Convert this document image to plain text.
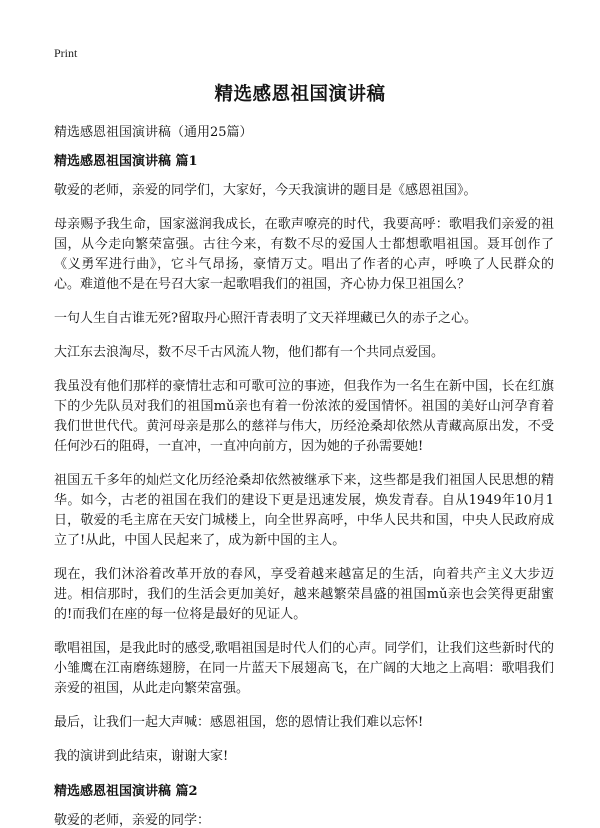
Print
精选感恩祖国演讲稿
精选感恩祖国演讲稿（通用25篇）

精选感恩祖国演讲稿 篇1

敬爱的老师，亲爱的同学们，大家好，今天我演讲的题目是《感恩祖国》。

母亲赐予我生命，国家滋润我成长，在歌声嘹亮的时代，我要高呼：歌唱我们亲爱的祖国，从今走向繁荣富强。古往今来，有数不尽的爱国人士都想歌唱祖国。聂耳创作了《义勇军进行曲》，它斗气昂扬，豪情万丈。唱出了作者的心声，呼唤了人民群众的心。难道他不是在号召大家一起歌唱我们的祖国，齐心协力保卫祖国么？

一句人生自古谁无死?留取丹心照汗青表明了文天祥埋藏已久的赤子之心。

大江东去浪淘尽，数不尽千古风流人物，他们都有一个共同点爱国。

我虽没有他们那样的豪情壮志和可歌可泣的事迹，但我作为一名生在新中国，长在红旗下的少先队员对我们的祖国mǔ亲也有着一份浓浓的爱国情怀。祖国的美好山河孕育着我们世世代代。黄河母亲是那么的慈祥与伟大，历经沧桑却依然从青藏高原出发，不受任何沙石的阻碍，一直冲，一直冲向前方，因为她的子孙需要她!

祖国五千多年的灿烂文化历经沧桑却依然被继承下来，这些都是我们祖国人民思想的精华。如今，古老的祖国在我们的建设下更是迅速发展，焕发青春。自从1949年10月1日，敬爱的毛主席在天安门城楼上，向全世界高呼，中华人民共和国，中央人民政府成立了!从此，中国人民起来了，成为新中国的主人。

现在，我们沐浴着改革开放的春风，享受着越来越富足的生活，向着共产主义大步迈进。相信那时，我们的生活会更加美好，越来越繁荣昌盛的祖国mǔ亲也会笑得更甜蜜的!而我们在座的每一位将是最好的见证人。

歌唱祖国，是我此时的感受,歌唱祖国是时代人们的心声。同学们，让我们这些新时代的小雏鹰在江南磨练翅膀，在同一片蓝天下展翅高飞，在广阔的大地之上高唱：歌唱我们亲爱的祖国，从此走向繁荣富强。

最后，让我们一起大声喊：感恩祖国，您的恩情让我们难以忘怀!

我的演讲到此结束，谢谢大家!

精选感恩祖国演讲稿 篇2

敬爱的老师，亲爱的同学：
